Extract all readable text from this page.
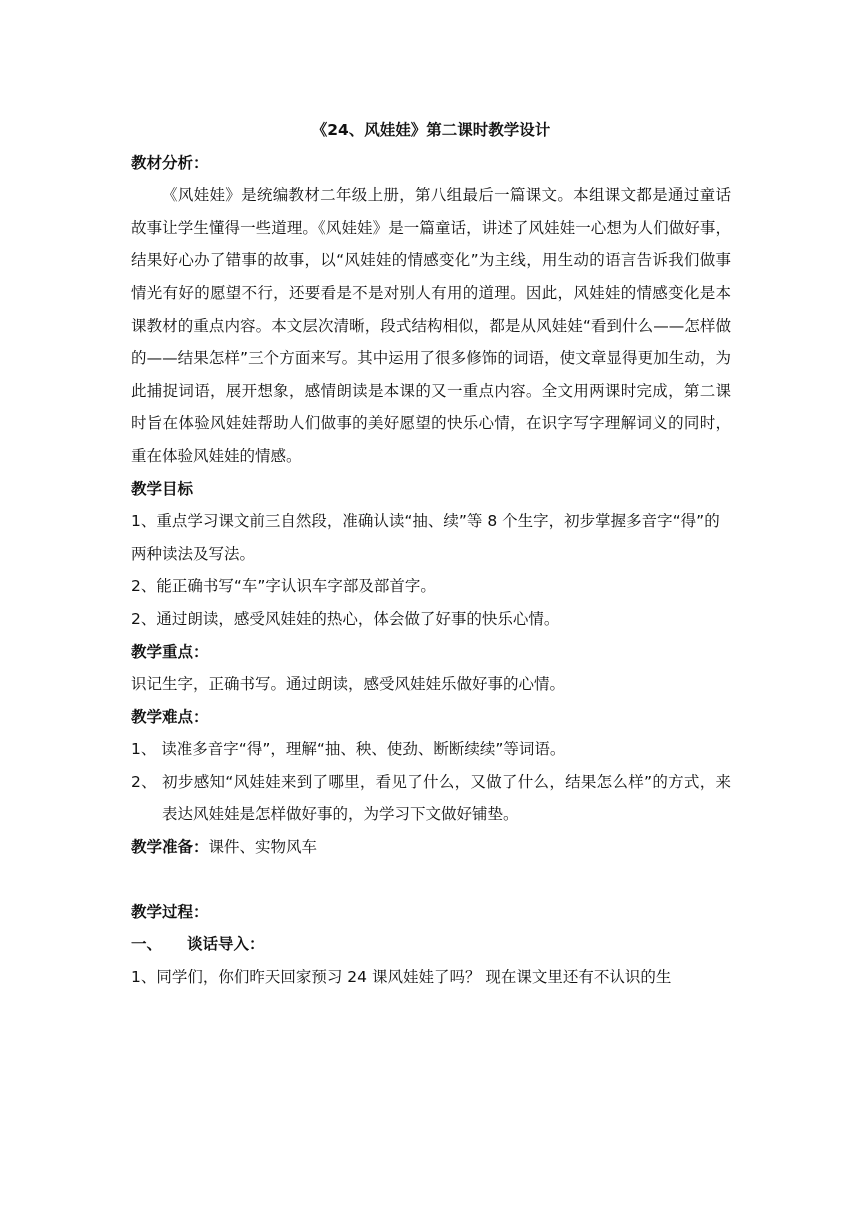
《24、风娃娃》第二课时教学设计

教材分析：

《风娃娃》是统编教材二年级上册，第八组最后一篇课文。本组课文都是通过童话故事让学生懂得一些道理。《风娃娃》是一篇童话，讲述了风娃娃一心想为人们做好事，结果好心办了错事的故事，以“风娃娃的情感变化”为主线，用生动的语言告诉我们做事情光有好的愿望不行，还要看是不是对别人有用的道理。因此，风娃娃的情感变化是本课教材的重点内容。本文层次清晰，段式结构相似，都是从风娃娃“看到什么——怎样做的——结果怎样”三个方面来写。其中运用了很多修饰的词语，使文章显得更加生动，为此捕捉词语，展开想象，感情朗读是本课的又一重点内容。全文用两课时完成，第二课时旨在体验风娃娃帮助人们做事的美好愿望的快乐心情，在识字写字理解词义的同时，重在体验风娃娃的情感。

教学目标

1、重点学习课文前三自然段，准确认读“抽、续”等 8 个生字，初步掌握多音字“得”的两种读法及写法。

2、能正确书写“车”字认识车字部及部首字。

2、通过朗读，感受风娃娃的热心，体会做了好事的快乐心情。

教学重点：

识记生字，正确书写。通过朗读，感受风娃娃乐做好事的心情。

教学难点：

1、 读准多音字“得”，理解“抽、秧、使劲、断断续续”等词语。

2、 初步感知“风娃娃来到了哪里，看见了什么，又做了什么，结果怎么样”的方式，来表达风娃娃是怎样做好事的，为学习下文做好铺垫。

教学准备：课件、实物风车

教学过程：

一、 谈话导入：

1、同学们，你们昨天回家预习 24 课风娃娃了吗？ 现在课文里还有不认识的生
